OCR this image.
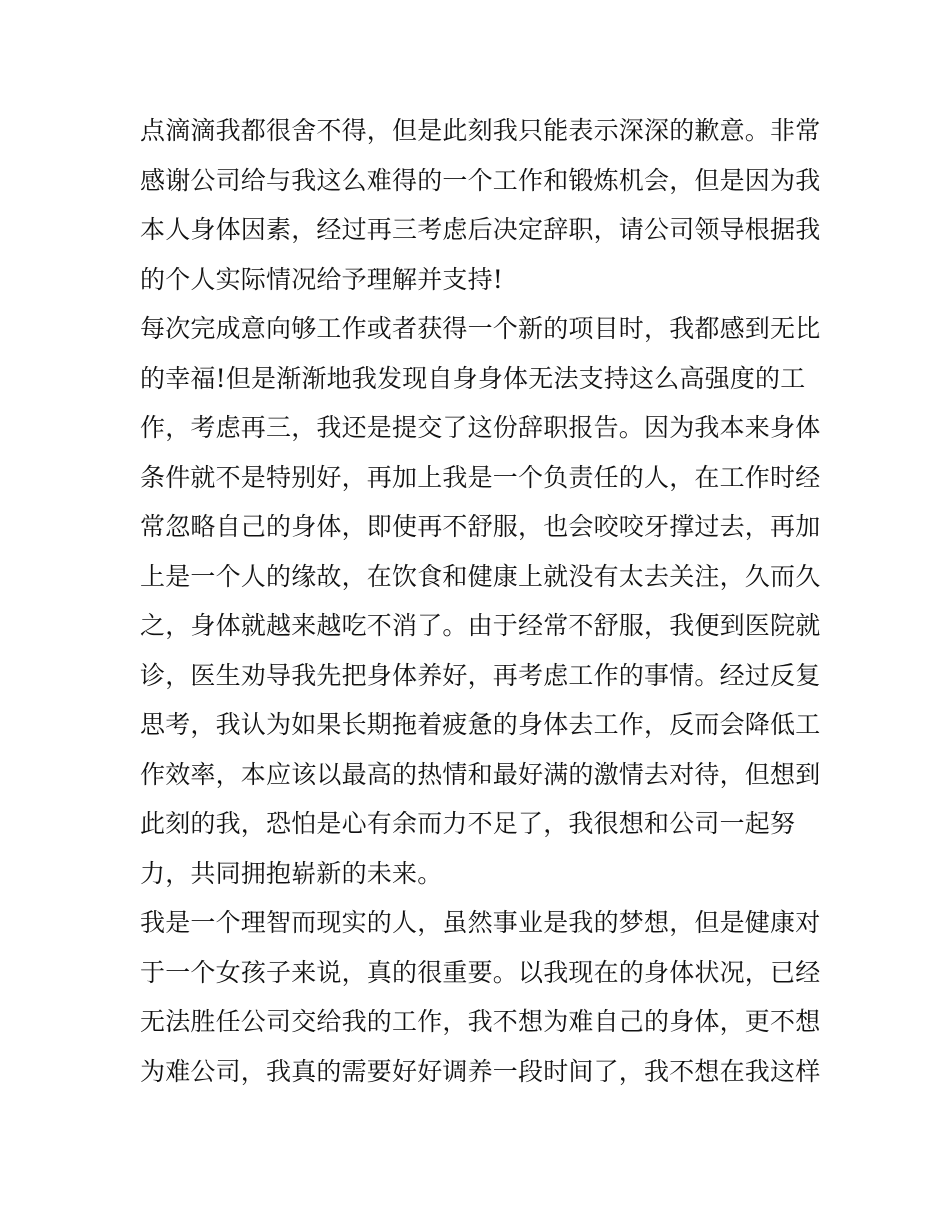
点滴滴我都很舍不得，但是此刻我只能表示深深的歉意。非常
感谢公司给与我这么难得的一个工作和锻炼机会，但是因为我
本人身体因素，经过再三考虑后决定辞职，请公司领导根据我
的个人实际情况给予理解并支持!
每次完成意向够工作或者获得一个新的项目时，我都感到无比
的幸福!但是渐渐地我发现自身身体无法支持这么高强度的工
作，考虑再三，我还是提交了这份辞职报告。因为我本来身体
条件就不是特别好，再加上我是一个负责任的人，在工作时经
常忽略自己的身体，即使再不舒服，也会咬咬牙撑过去，再加
上是一个人的缘故，在饮食和健康上就没有太去关注，久而久
之，身体就越来越吃不消了。由于经常不舒服，我便到医院就
诊，医生劝导我先把身体养好，再考虑工作的事情。经过反复
思考，我认为如果长期拖着疲惫的身体去工作，反而会降低工
作效率，本应该以最高的热情和最好满的激情去对待，但想到
此刻的我，恐怕是心有余而力不足了，我很想和公司一起努
力，共同拥抱崭新的未来。
我是一个理智而现实的人，虽然事业是我的梦想，但是健康对
于一个女孩子来说，真的很重要。以我现在的身体状况，已经
无法胜任公司交给我的工作，我不想为难自己的身体，更不想
为难公司，我真的需要好好调养一段时间了，我不想在我这样
